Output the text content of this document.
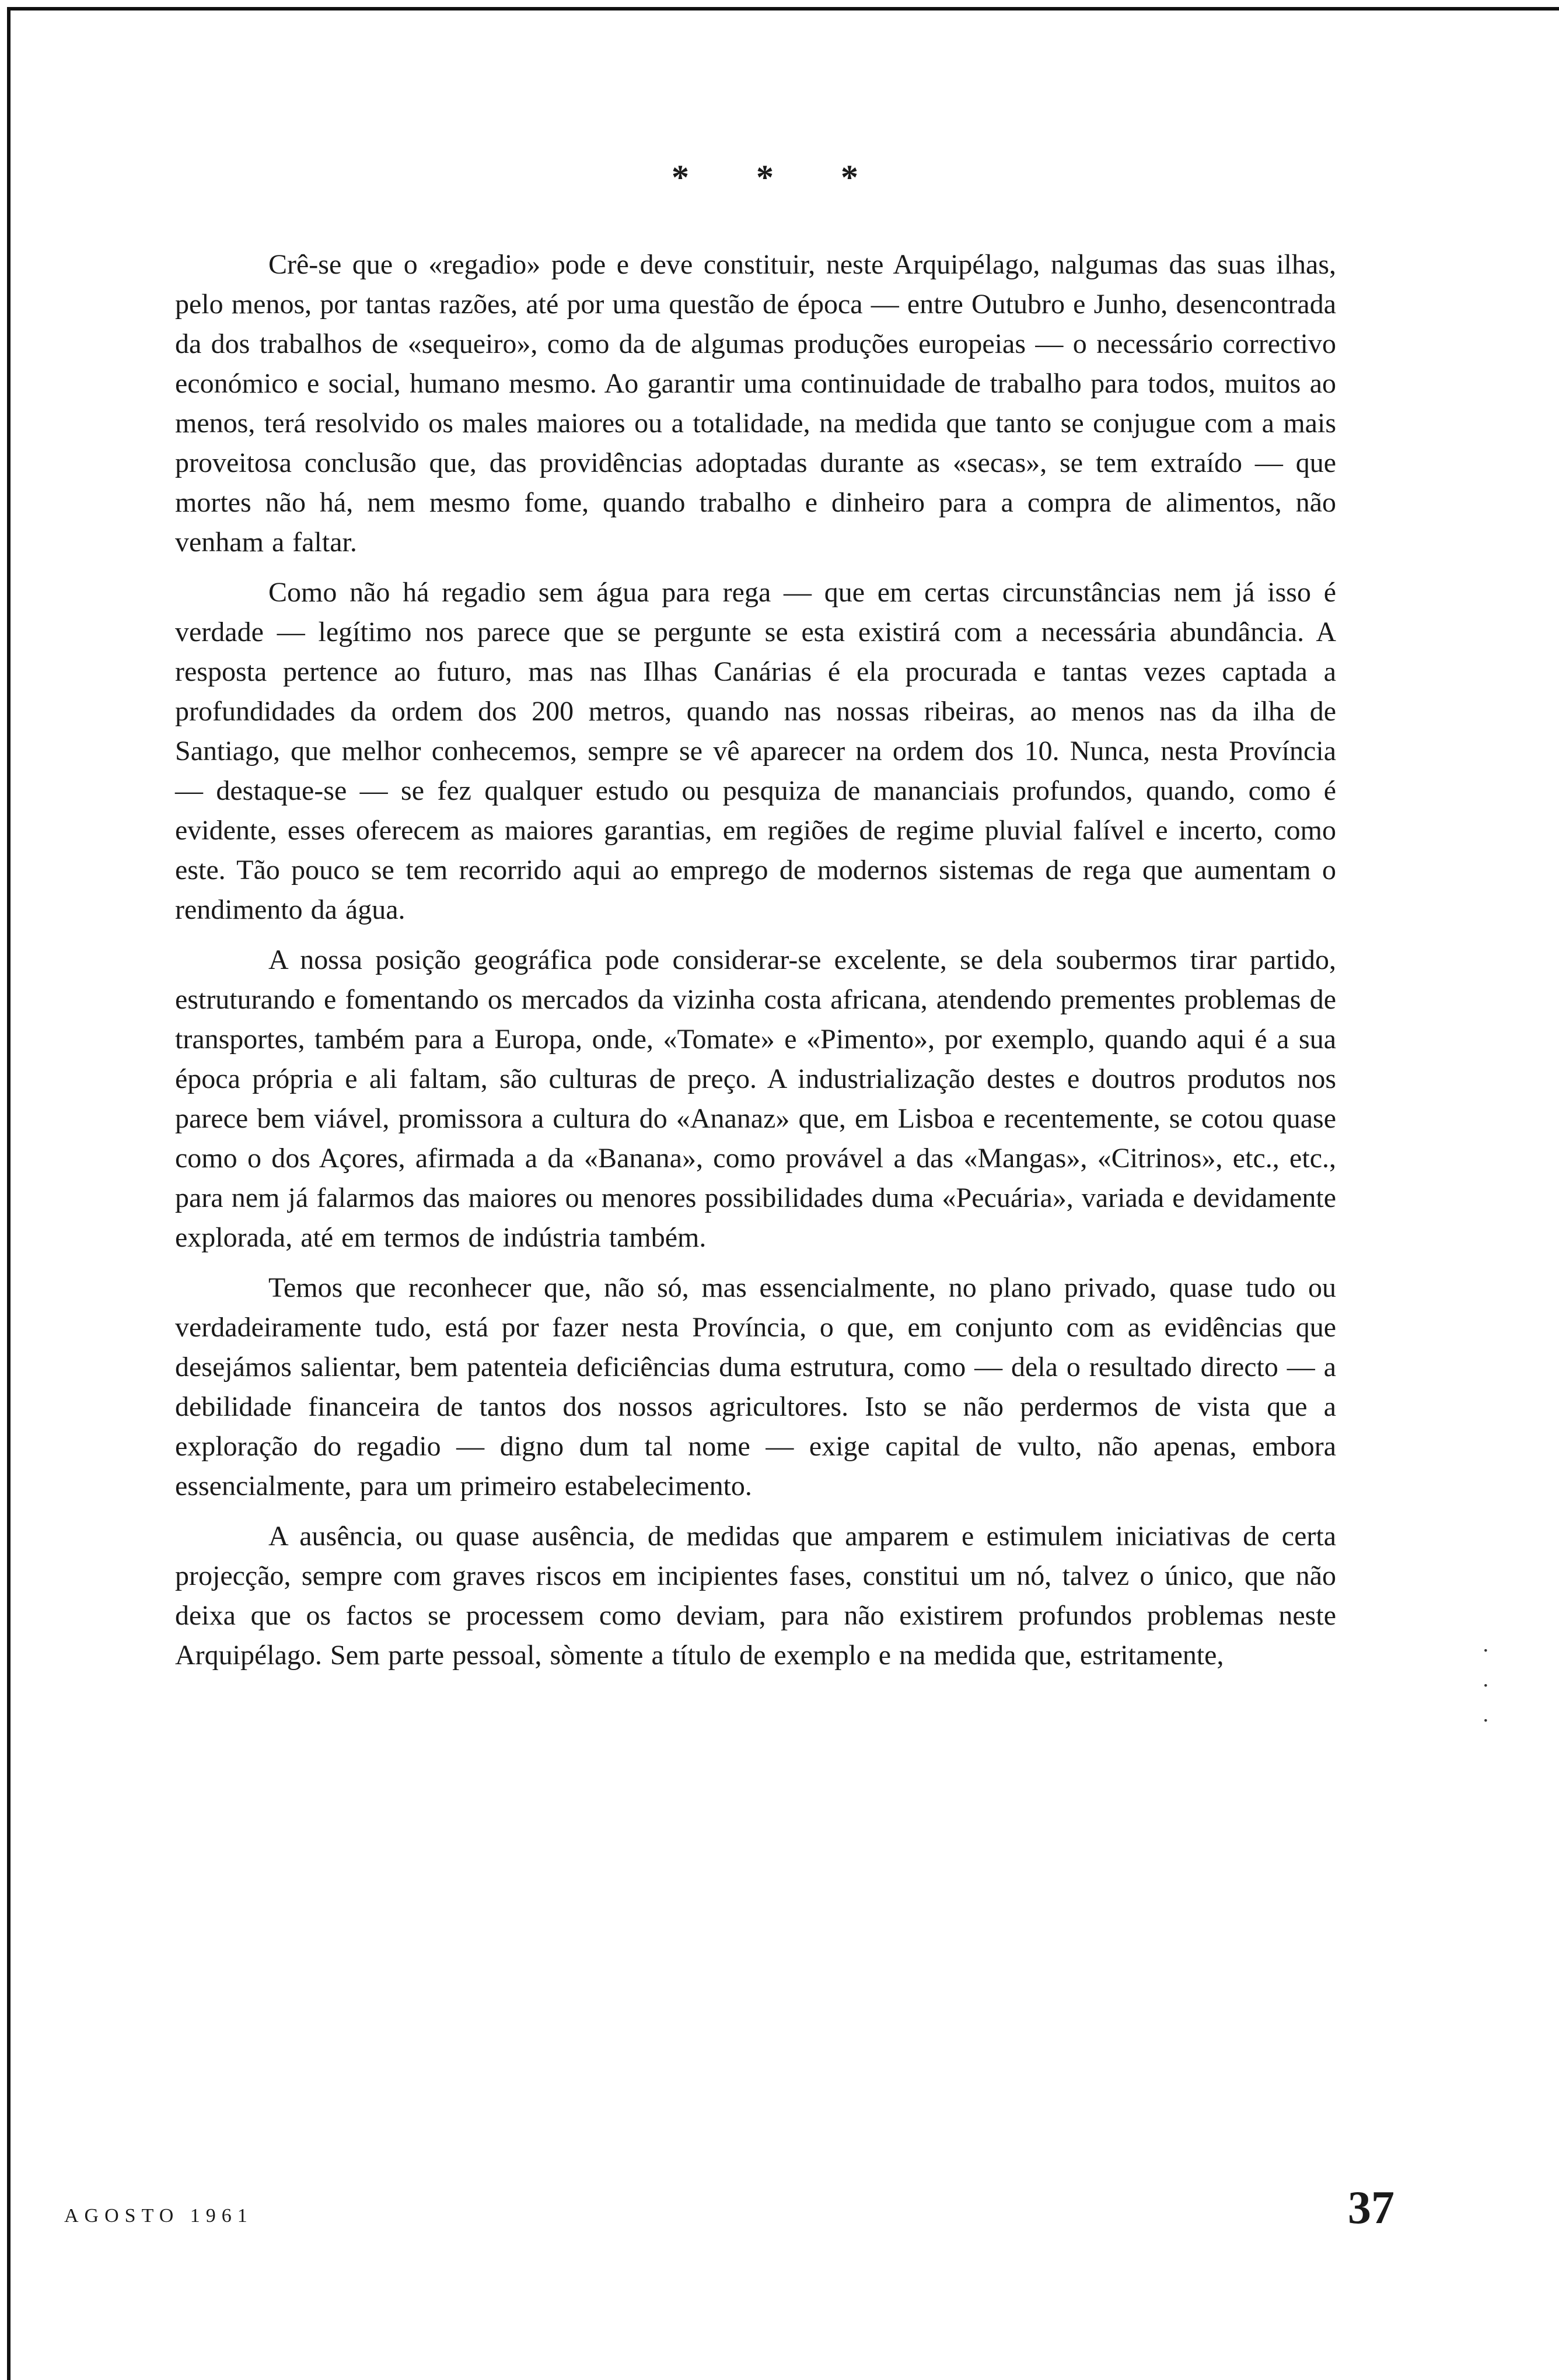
* * *

Crê-se que o «regadio» pode e deve constituir, neste Arquipélago, nalgumas das suas ilhas, pelo menos, por tantas razões, até por uma questão de época — entre Outubro e Junho, desencontrada da dos trabalhos de «sequeiro», como da de algumas produções europeias — o necessário correctivo económico e social, humano mesmo. Ao garantir uma continuidade de trabalho para todos, muitos ao menos, terá resolvido os males maiores ou a totalidade, na medida que tanto se conjugue com a mais proveitosa conclusão que, das providências adoptadas durante as «secas», se tem extraído — que mortes não há, nem mesmo fome, quando trabalho e dinheiro para a compra de alimentos, não venham a faltar.

Como não há regadio sem água para rega — que em certas circunstâncias nem já isso é verdade — legítimo nos parece que se pergunte se esta existirá com a necessária abundância. A resposta pertence ao futuro, mas nas Ilhas Canárias é ela procurada e tantas vezes captada a profundidades da ordem dos 200 metros, quando nas nossas ribeiras, ao menos nas da ilha de Santiago, que melhor conhecemos, sempre se vê aparecer na ordem dos 10. Nunca, nesta Província — destaque-se — se fez qualquer estudo ou pesquiza de mananciais profundos, quando, como é evidente, esses oferecem as maiores garantias, em regiões de regime pluvial falível e incerto, como este. Tão pouco se tem recorrido aqui ao emprego de modernos sistemas de rega que aumentam o rendimento da água.

A nossa posição geográfica pode considerar-se excelente, se dela soubermos tirar partido, estruturando e fomentando os mercados da vizinha costa africana, atendendo prementes problemas de transportes, também para a Europa, onde, «Tomate» e «Pimento», por exemplo, quando aqui é a sua época própria e ali faltam, são culturas de preço. A industrialização destes e doutros produtos nos parece bem viável, promissora a cultura do «Ananaz» que, em Lisboa e recentemente, se cotou quase como o dos Açores, afirmada a da «Banana», como provável a das «Mangas», «Citrinos», etc., etc., para nem já falarmos das maiores ou menores possibilidades duma «Pecuária», variada e devidamente explorada, até em termos de indústria também.

Temos que reconhecer que, não só, mas essencialmente, no plano privado, quase tudo ou verdadeiramente tudo, está por fazer nesta Província, o que, em conjunto com as evidências que desejámos salientar, bem patenteia deficiências duma estrutura, como — dela o resultado directo — a debilidade financeira de tantos dos nossos agricultores. Isto se não perdermos de vista que a exploração do regadio — digno dum tal nome — exige capital de vulto, não apenas, embora essencialmente, para um primeiro estabelecimento.

A ausência, ou quase ausência, de medidas que amparem e estimulem iniciativas de certa projecção, sempre com graves riscos em incipientes fases, constitui um nó, talvez o único, que não deixa que os factos se processem como deviam, para não existirem profundos problemas neste Arquipélago. Sem parte pessoal, sòmente a título de exemplo e na medida que, estritamente,

AGOSTO 1961	37
·
·
·
